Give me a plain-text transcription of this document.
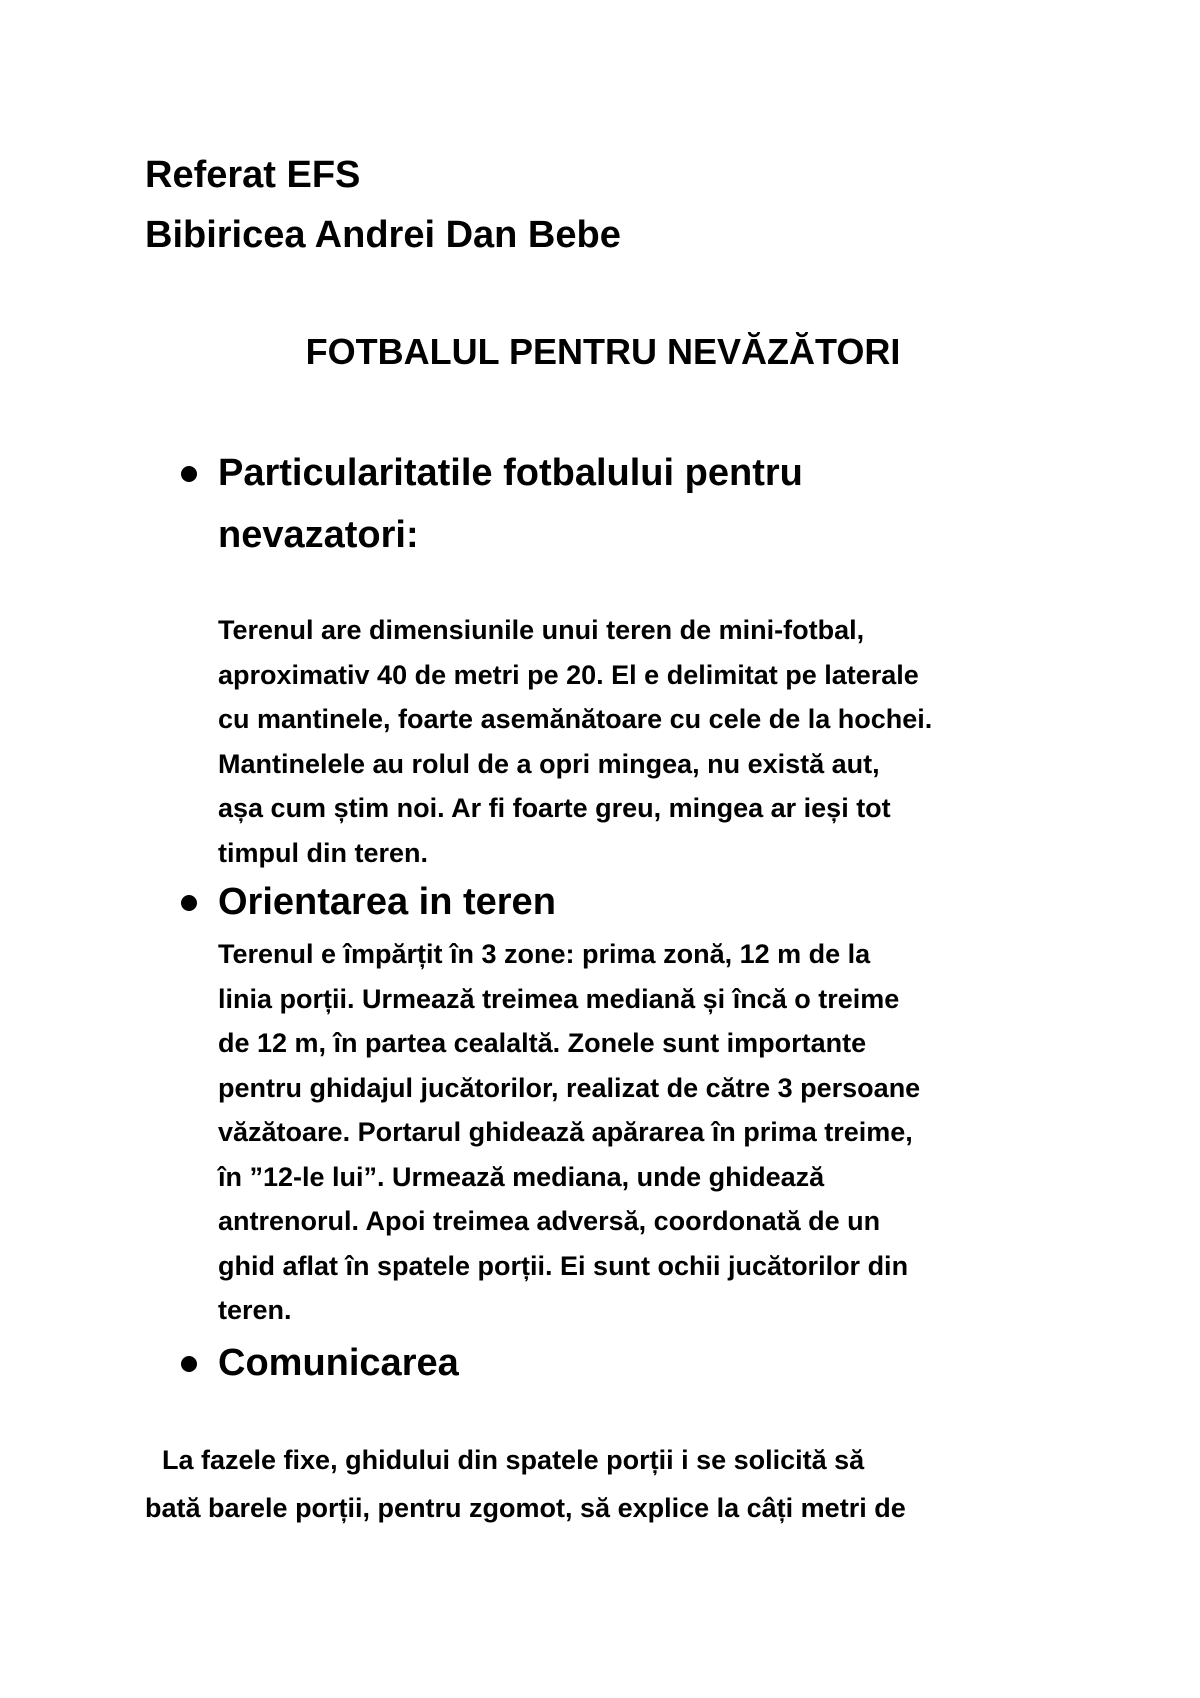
Referat EFS
Bibiricea Andrei Dan Bebe
FOTBALUL PENTRU NEVĂZĂTORI
Particularitatile fotbalului pentru
nevazatori:
Terenul are dimensiunile unui teren de mini-fotbal,
aproximativ 40 de metri pe 20. El e delimitat pe laterale
cu mantinele, foarte asemănătoare cu cele de la hochei.
Mantinelele au rolul de a opri mingea, nu există aut,
așa cum știm noi. Ar fi foarte greu, mingea ar ieși tot
timpul din teren.
Orientarea in teren
Terenul e împărțit în 3 zone: prima zonă, 12 m de la
linia porții. Urmează treimea mediană și încă o treime
de 12 m, în partea cealaltă. Zonele sunt importante
pentru ghidajul jucătorilor, realizat de către 3 persoane
văzătoare. Portarul ghidează apărarea în prima treime,
în ”12-le lui”. Urmează mediana, unde ghidează
antrenorul. Apoi treimea adversă, coordonată de un
ghid aflat în spatele porții. Ei sunt ochii jucătorilor din
teren.
Comunicarea
La fazele fixe, ghidului din spatele porții i se solicită să
bată barele porții, pentru zgomot, să explice la câți metri de
